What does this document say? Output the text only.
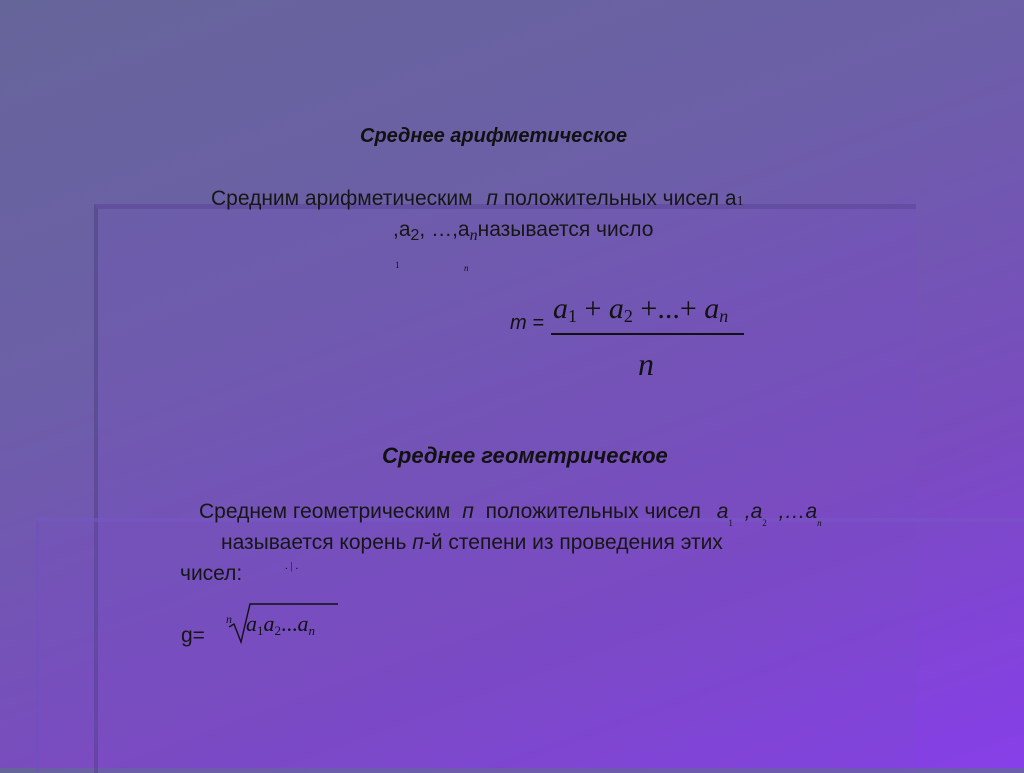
Среднее арифметическое
Средним арифметическим п положительных чисел а1
$,а_2$, $\dots,а_nназывается$ число
1	n
$m = a_1 + a_2$ +...+ $a_n$
n
Среднее геометрическое
Среднем геометрическим п положительных чисел $а_1$ $,а_2$ $,\dots а_n$
называется корень п-й степени из проведения этих
чисел:	. | .
g=
n $a_1a_2...a_n$
